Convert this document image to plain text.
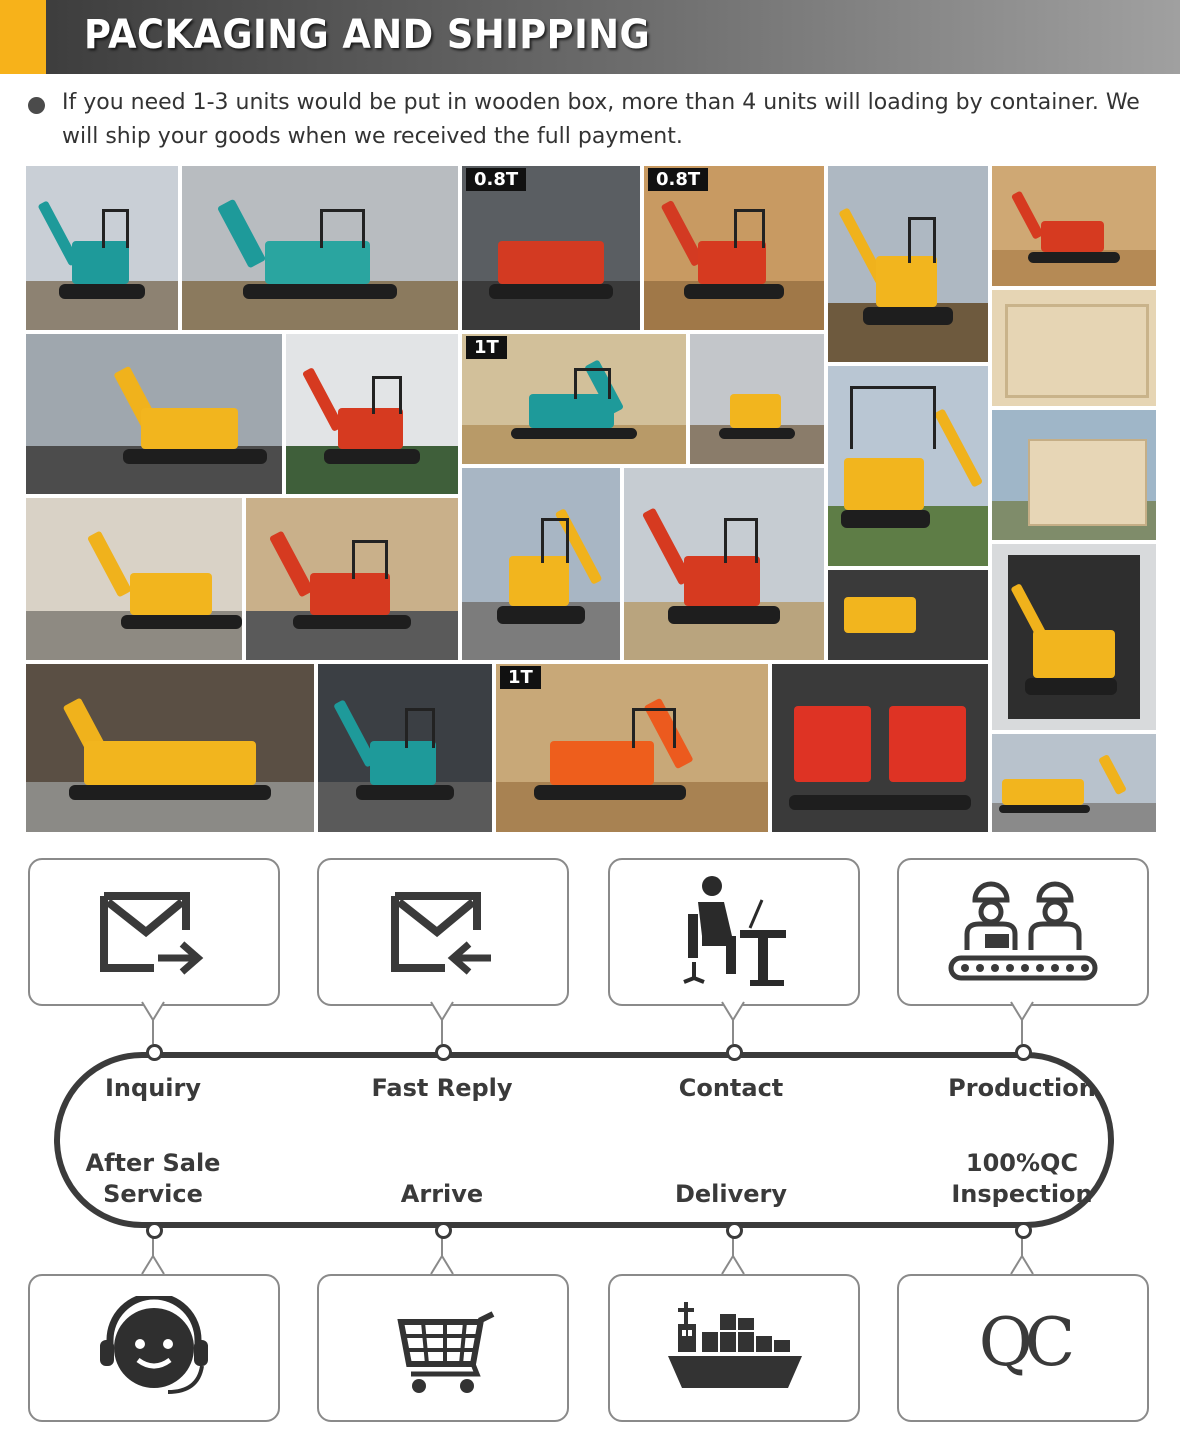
PACKAGING AND SHIPPING
If you need 1-3 units would be put in wooden box, more than 4 units will loading by container. We will ship your goods when we received the full payment.
0.8T	0.8T
1T
1T
Inquiry	Fast Reply	Contact	Production
After Sale
Service	Arrive	Delivery
100%QC
Inspection
QC
